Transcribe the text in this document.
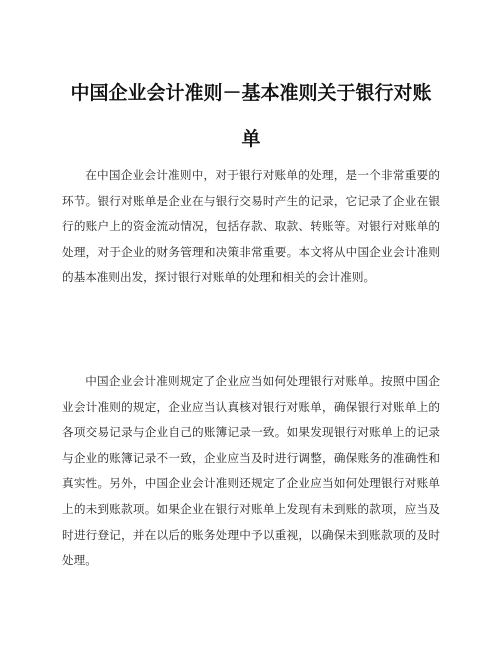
中国企业会计准则－基本准则关于银行对账
单

在中国企业会计准则中，对于银行对账单的处理，是一个非常重要的环节。银行对账单是企业在与银行交易时产生的记录，它记录了企业在银行的账户上的资金流动情况，包括存款、取款、转账等。对银行对账单的处理，对于企业的财务管理和决策非常重要。本文将从中国企业会计准则的基本准则出发，探讨银行对账单的处理和相关的会计准则。

中国企业会计准则规定了企业应当如何处理银行对账单。按照中国企业会计准则的规定，企业应当认真核对银行对账单，确保银行对账单上的各项交易记录与企业自己的账簿记录一致。如果发现银行对账单上的记录与企业的账簿记录不一致，企业应当及时进行调整，确保账务的准确性和真实性。另外，中国企业会计准则还规定了企业应当如何处理银行对账单上的未到账款项。如果企业在银行对账单上发现有未到账的款项，应当及时进行登记，并在以后的账务处理中予以重视，以确保未到账款项的及时处理。
